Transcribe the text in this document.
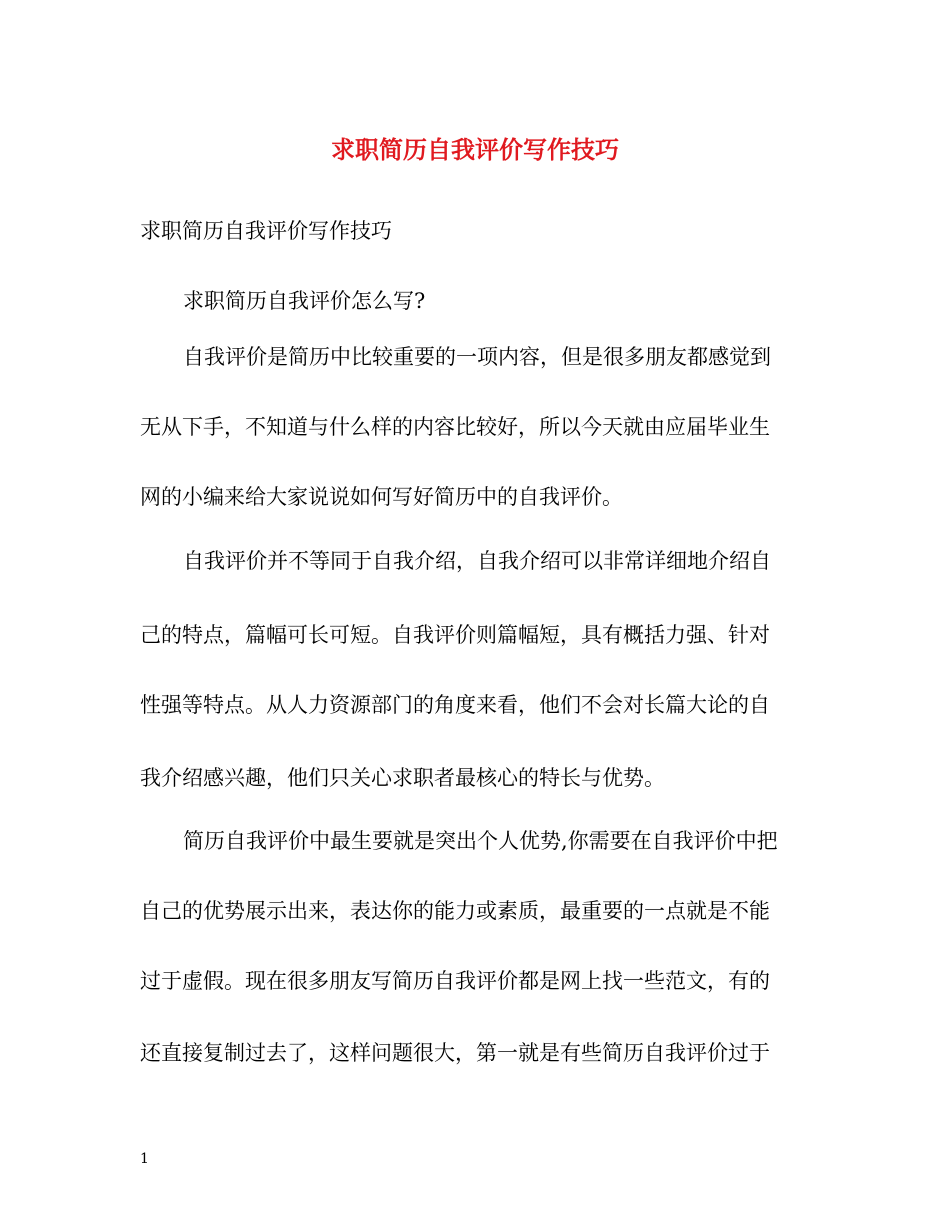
求职简历自我评价写作技巧
求职简历自我评价写作技巧
求职简历自我评价怎么写?
自我评价是简历中比较重要的一项内容，但是很多朋友都感觉到
无从下手，不知道与什么样的内容比较好，所以今天就由应届毕业生
网的小编来给大家说说如何写好简历中的自我评价。
自我评价并不等同于自我介绍，自我介绍可以非常详细地介绍自
己的特点，篇幅可长可短。自我评价则篇幅短，具有概括力强、针对
性强等特点。从人力资源部门的角度来看，他们不会对长篇大论的自
我介绍感兴趣，他们只关心求职者最核心的特长与优势。
简历自我评价中最生要就是突出个人优势,你需要在自我评价中把
自己的优势展示出来，表达你的能力或素质，最重要的一点就是不能
过于虚假。现在很多朋友写简历自我评价都是网上找一些范文，有的
还直接复制过去了，这样问题很大，第一就是有些简历自我评价过于
1
